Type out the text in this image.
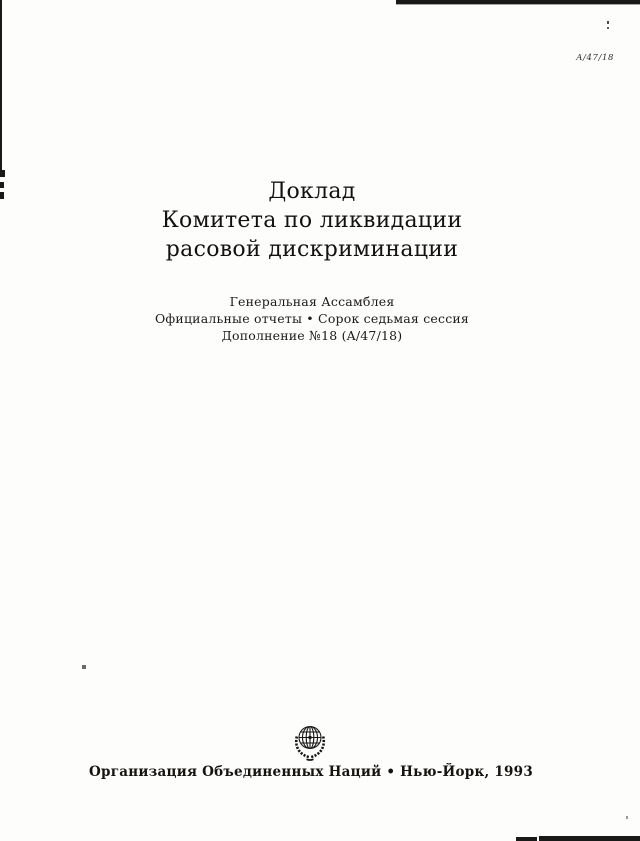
A/47/18
Доклад
Комитета по ликвидации
расовой дискриминации
Генеральная Ассамблея
Официальные отчеты • Сорок седьмая сессия
Дополнение №18 (A/47/18)
Организация Объединенных Наций • Нью-Йорк, 1993
